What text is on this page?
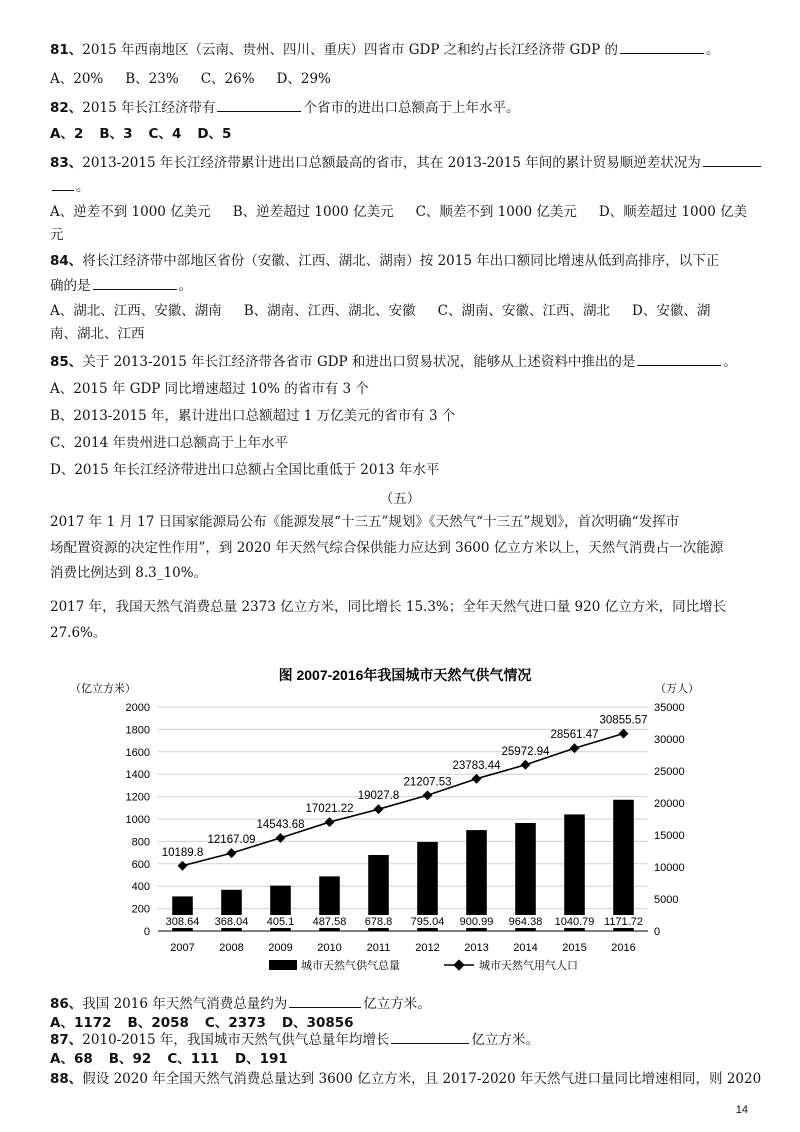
81、2015 年西南地区（云南、贵州、四川、重庆）四省市 GDP 之和约占长江经济带 GDP 的	。
A、20% B、23% C、26% D、29%
82、2015 年长江经济带有	个省市的进出口总额高于上年水平。
A、2 B、3 C、4 D、5
83、2013-2015 年长江经济带累计进出口总额最高的省市，其在 2013-2015 年间的累计贸易顺逆差状况为
。
A、逆差不到 1000 亿美元 B、逆差超过 1000 亿美元 C、顺差不到 1000 亿美元 D、顺差超过 1000 亿美
元
84、将长江经济带中部地区省份（安徽、江西、湖北、湖南）按 2015 年出口额同比增速从低到高排序，以下正
确的是	。
A、湖北、江西、安徽、湖南 B、湖南、江西、湖北、安徽 C、湖南、安徽、江西、湖北 D、安徽、湖
南、湖北、江西
85、关于 2013-2015 年长江经济带各省市 GDP 和进出口贸易状况，能够从上述资料中推出的是	。
A、2015 年 GDP 同比增速超过 10% 的省市有 3 个
B、2013-2015 年，累计进出口总额超过 1 万亿美元的省市有 3 个
C、2014 年贵州进口总额高于上年水平
D、2015 年长江经济带进出口总额占全国比重低于 2013 年水平
（五）
2017 年 1 月 17 日国家能源局公布《能源发展“十三五”规划》《天然气“十三五”规划》，首次明确“发挥市
场配置资源的决定性作用”，到 2020 年天然气综合保供能力应达到 3600 亿立方米以上，天然气消费占一次能源
消费比例达到 8.3_10%。
2017 年，我国天然气消费总量 2373 亿立方米，同比增长 15.3%；全年天然气进口量 920 亿立方米，同比增长
27.6%。
图 2007-2016年我国城市天然气供气情况
（亿立方米）	（万人）
10189.8
12167.09
14543.68
17021.22
19027.8
21207.53
23783.44
25972.94
28561.47
30855.57
308.64 368.04 405.1 487.58 678.8 795.04 900.99 964.38 1040.79 1171.72
0
200
400
600
800
1000
1200
1400
1600
1800
2000
0
5000
10000
15000
20000
25000
30000
35000
2007 2008 2009 2010 2011 2012 2013 2014 2015 2016
城市天然气供气总量	城市天然气用气人口
86、我国 2016 年天然气消费总量约为	亿立方米。
A、1172 B、2058 C、2373 D、30856
87、2010-2015 年，我国城市天然气供气总量年均增长	亿立方米。
A、68 B、92 C、111 D、191
88、假设 2020 年全国天然气消费总量达到 3600 亿立方米，且 2017-2020 年天然气进口量同比增速相同，则 2020
14
